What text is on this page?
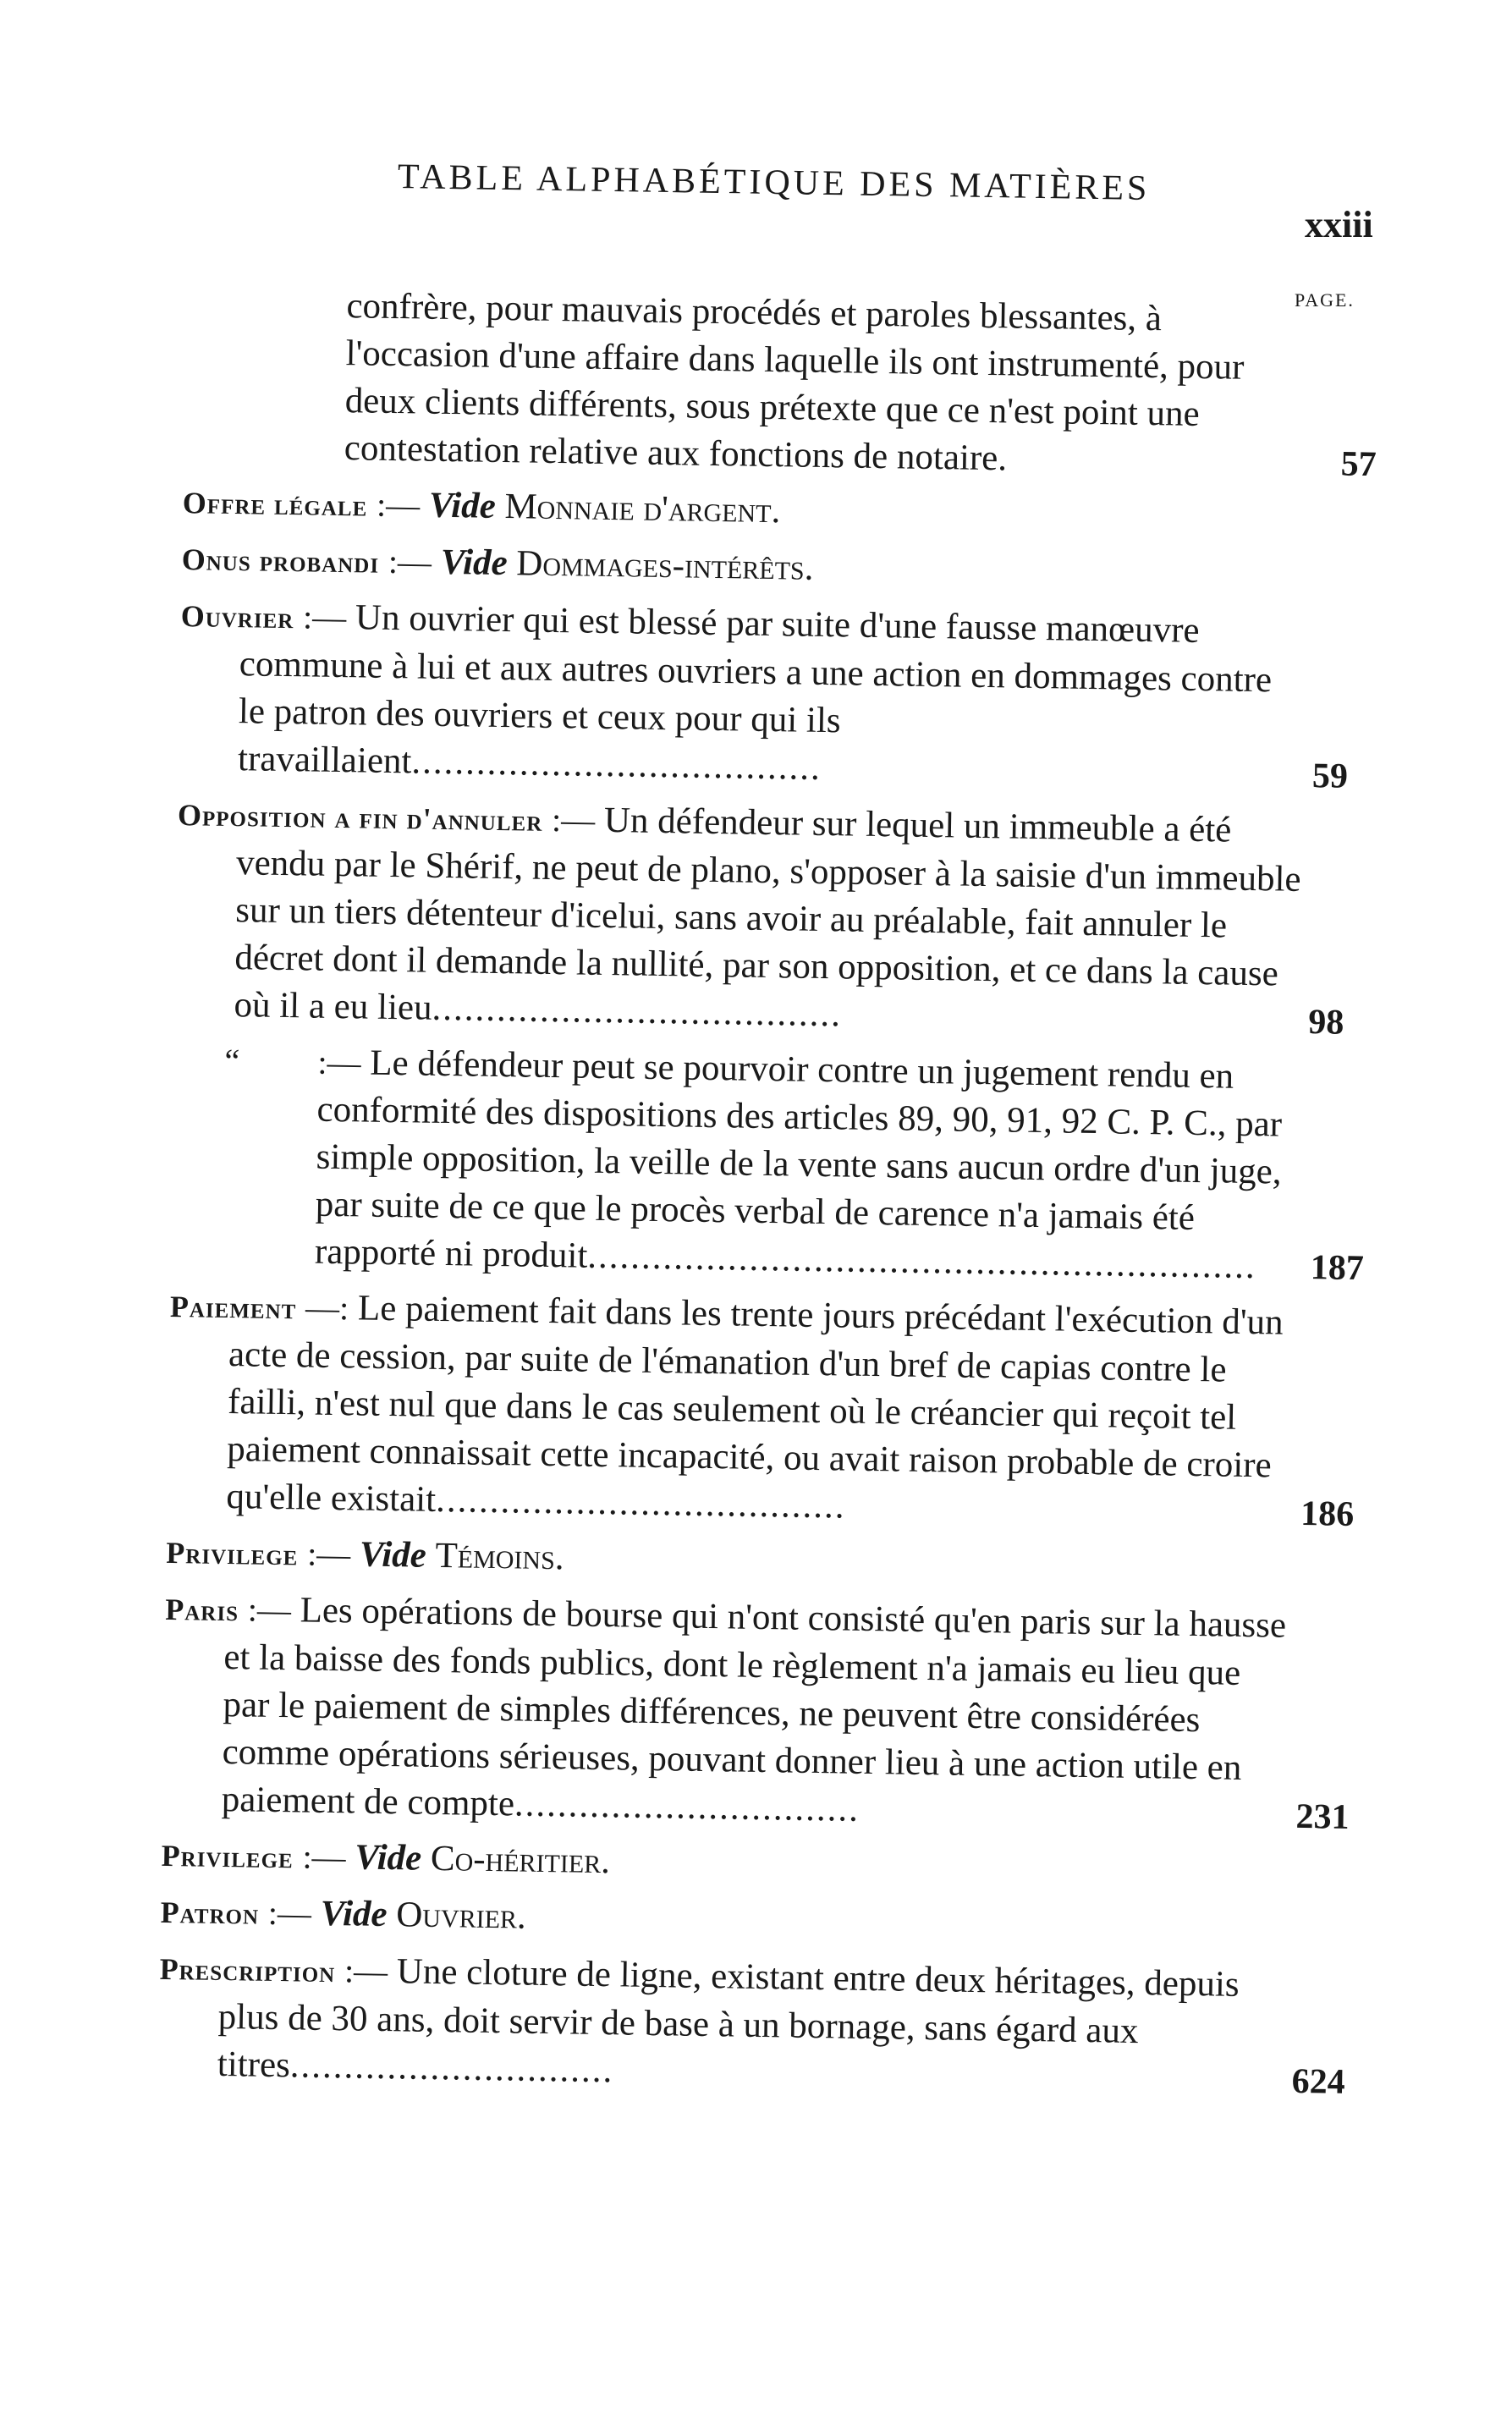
TABLE ALPHABÉTIQUE DES MATIÈRES
xxiii
PAGE.
confrère, pour mauvais procédés et paroles blessantes, à l'occasion d'une affaire dans laquelle ils ont instrumenté, pour deux clients différents, sous prétexte que ce n'est point une contestation relative aux fonctions de notaire.	57
Offre légale :— Vide Monnaie d'argent.
Onus probandi :— Vide Dommages-intérêts.
Ouvrier :— Un ouvrier qui est blessé par suite d'une fausse manœuvre commune à lui et aux autres ouvriers a une action en dommages contre le patron des ouvriers et ceux pour qui ils travaillaient......................................	59
Opposition a fin d'annuler :— Un défendeur sur lequel un immeuble a été vendu par le Shérif, ne peut de plano, s'opposer à la saisie d'un immeuble sur un tiers détenteur d'icelui, sans avoir au préalable, fait annuler le décret dont il demande la nullité, par son opposition, et ce dans la cause où il a eu lieu......................................	98
“ :— Le défendeur peut se pourvoir contre un jugement rendu en conformité des dispositions des articles 89, 90, 91, 92 C. P. C., par simple opposition, la veille de la vente sans aucun ordre d'un juge, par suite de ce que le procès verbal de carence n'a jamais été rapporté ni produit..............................................................	187
Paiement —: Le paiement fait dans les trente jours précédant l'exécution d'un acte de cession, par suite de l'émanation d'un bref de capias contre le failli, n'est nul que dans le cas seulement où le créancier qui reçoit tel paiement connaissait cette incapacité, ou avait raison probable de croire qu'elle existait......................................	186
Privilege :— Vide Témoins.
Paris :— Les opérations de bourse qui n'ont consisté qu'en paris sur la hausse et la baisse des fonds publics, dont le règlement n'a jamais eu lieu que par le paiement de simples différences, ne peuvent être considérées comme opérations sérieuses, pouvant donner lieu à une action utile en paiement de compte................................	231
Privilege :— Vide Co-héritier.
Patron :— Vide Ouvrier.
Prescription :— Une cloture de ligne, existant entre deux héritages, depuis plus de 30 ans, doit servir de base à un bornage, sans égard aux titres..............................	624
